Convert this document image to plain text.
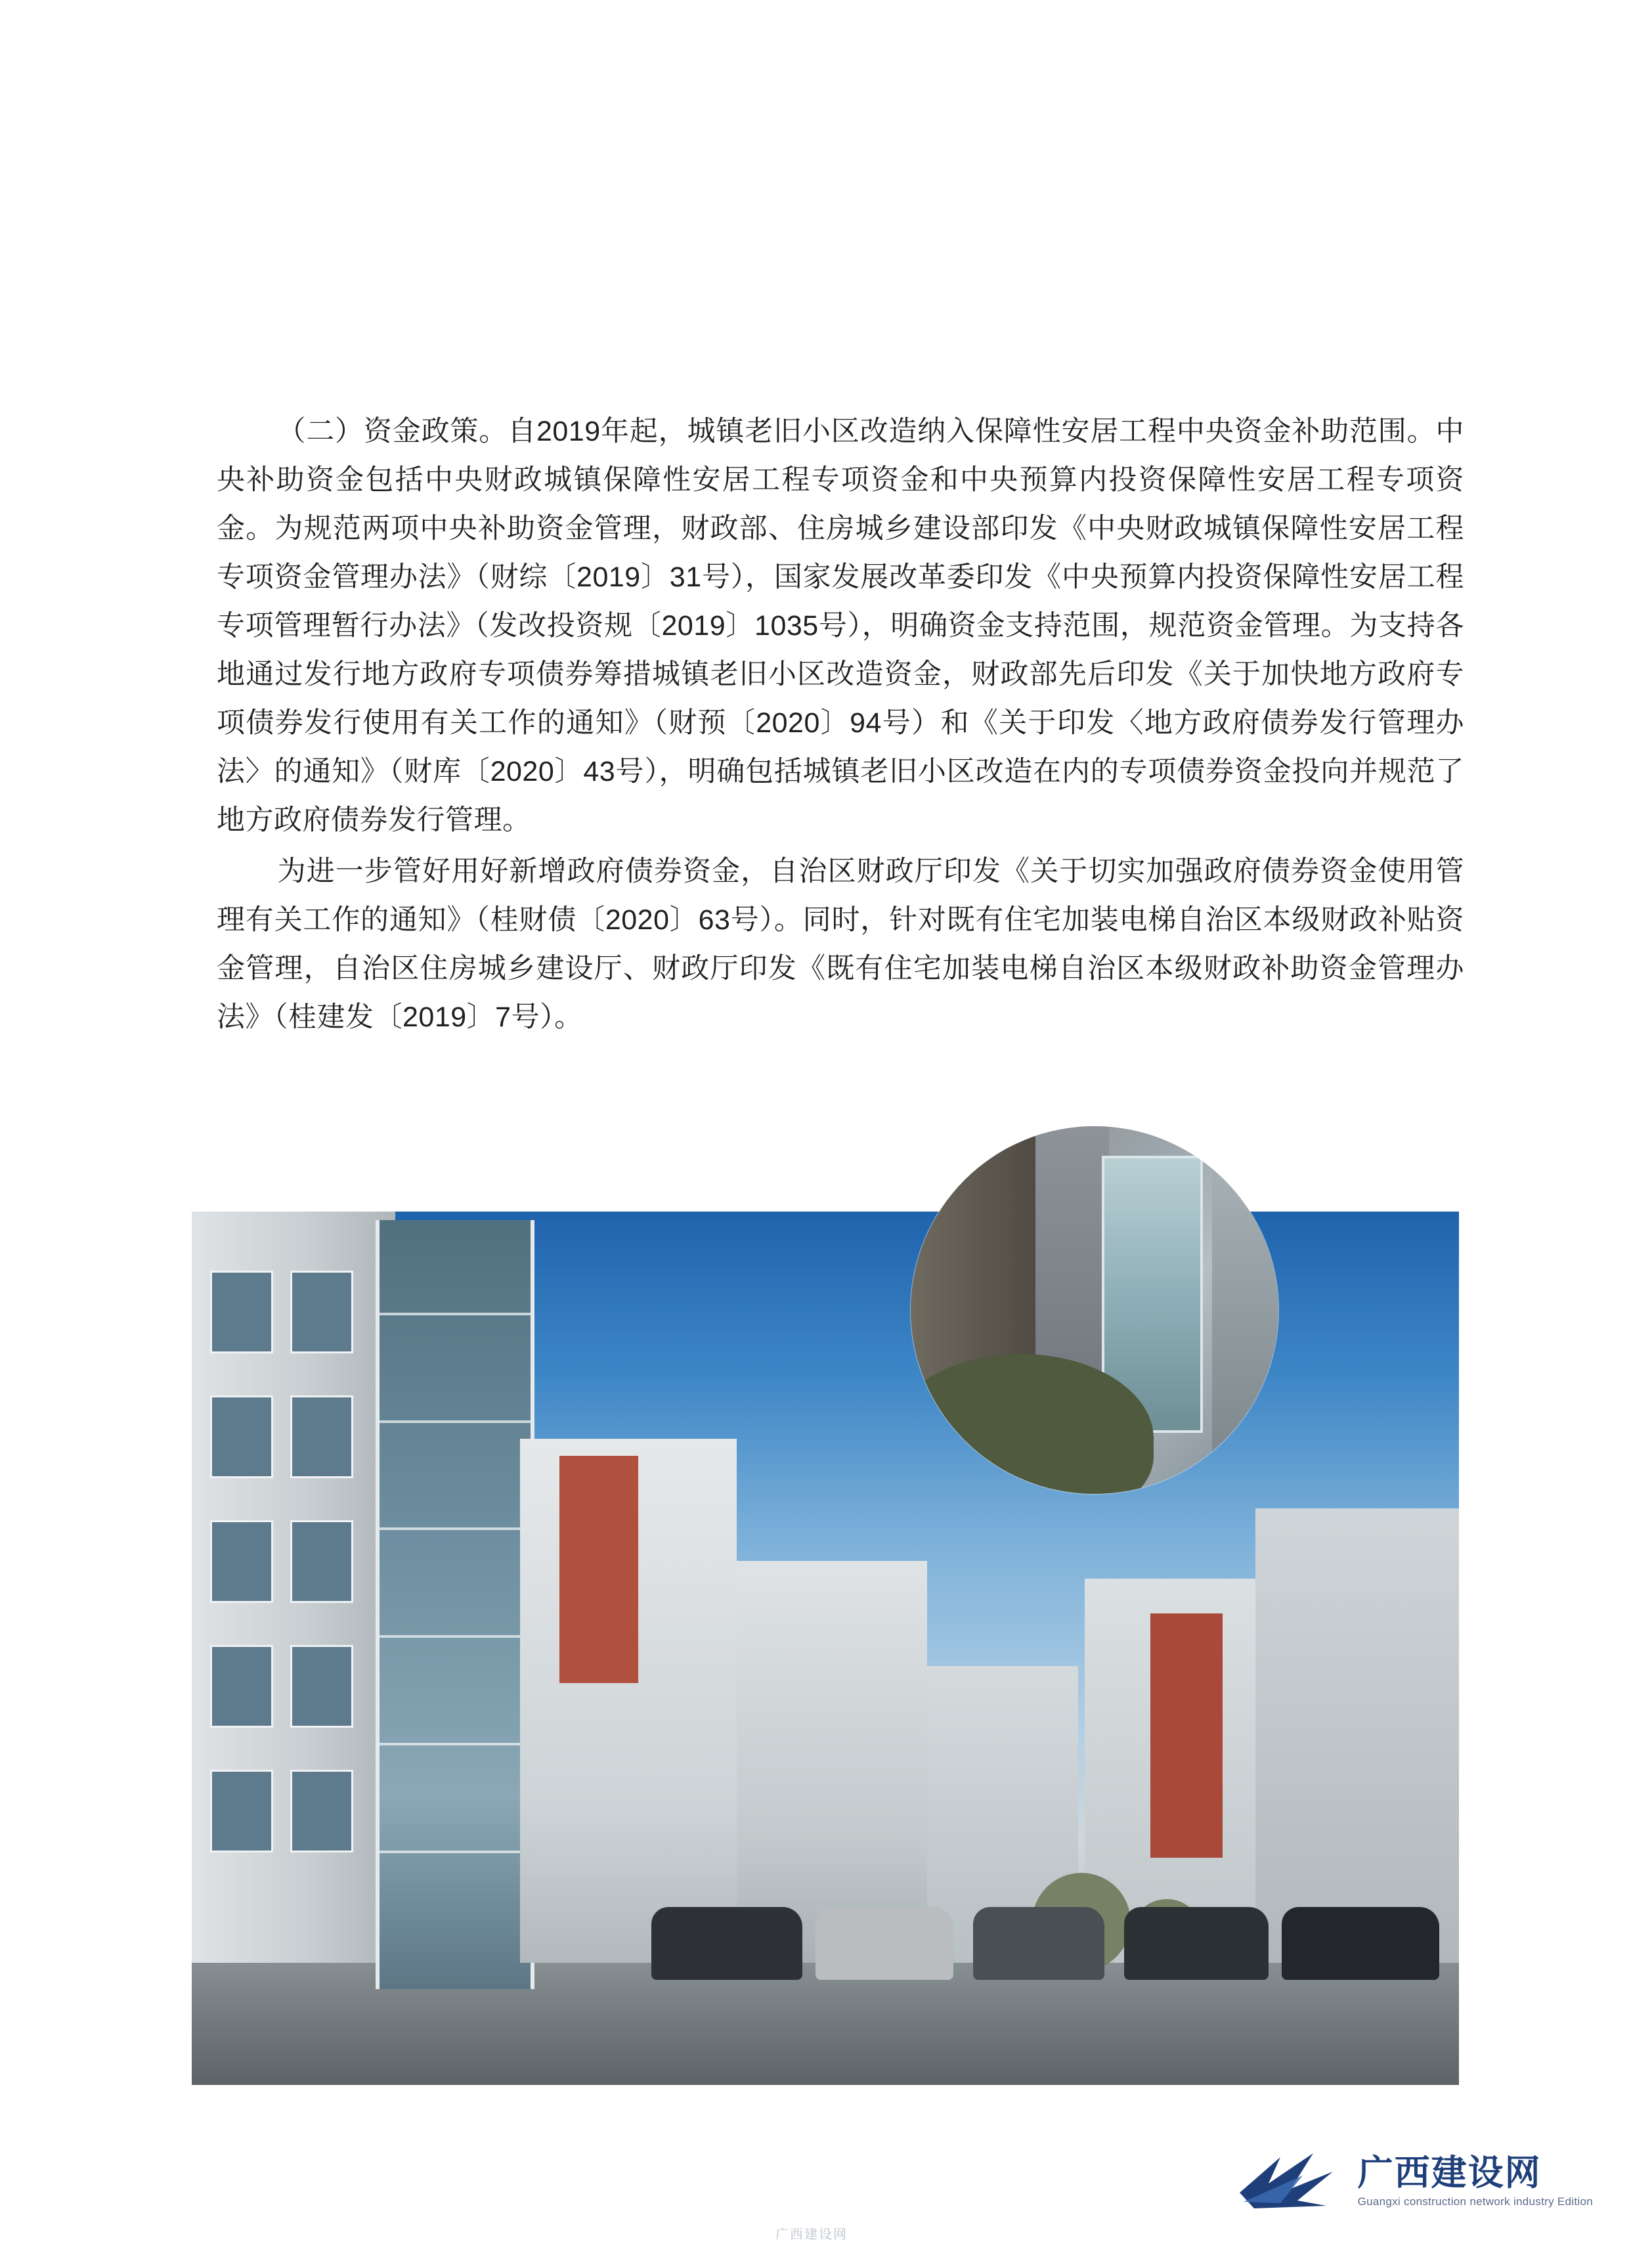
（二）资金政策。自2019年起，城镇老旧小区改造纳入保障性安居工程中央资金补助范围。中央补助资金包括中央财政城镇保障性安居工程专项资金和中央预算内投资保障性安居工程专项资金。为规范两项中央补助资金管理，财政部、住房城乡建设部印发《中央财政城镇保障性安居工程专项资金管理办法》（财综〔2019〕31号），国家发展改革委印发《中央预算内投资保障性安居工程专项管理暂行办法》（发改投资规〔2019〕1035号），明确资金支持范围，规范资金管理。为支持各地通过发行地方政府专项债券筹措城镇老旧小区改造资金，财政部先后印发《关于加快地方政府专项债券发行使用有关工作的通知》（财预〔2020〕94号）和《关于印发〈地方政府债券发行管理办法〉的通知》（财库〔2020〕43号），明确包括城镇老旧小区改造在内的专项债券资金投向并规范了地方政府债券发行管理。

为进一步管好用好新增政府债券资金，自治区财政厅印发《关于切实加强政府债券资金使用管理有关工作的通知》（桂财债〔2020〕63号）。同时，针对既有住宅加装电梯自治区本级财政补贴资金管理，自治区住房城乡建设厅、财政厅印发《既有住宅加装电梯自治区本级财政补助资金管理办法》（桂建发〔2019〕7号）。

广西建设网
广西建设网
Guangxi construction network industry Edition
